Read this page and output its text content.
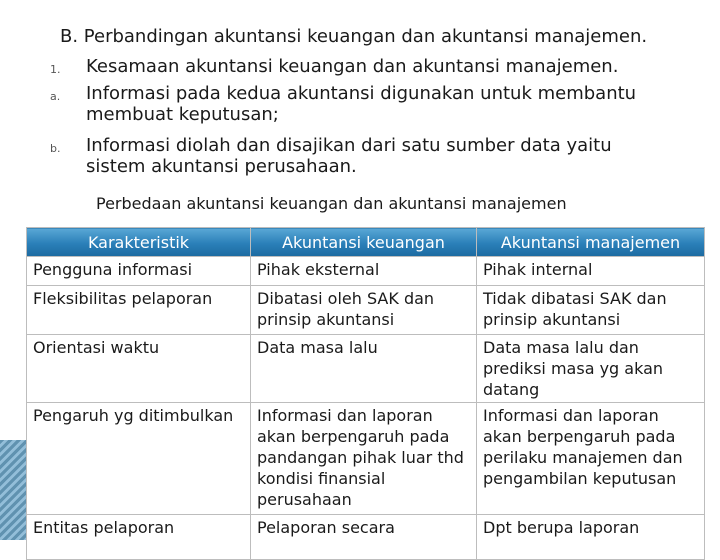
B. Perbandingan akuntansi keuangan dan akuntansi manajemen.
1. Kesamaan akuntansi keuangan dan akuntansi manajemen.
a. Informasi pada kedua akuntansi digunakan untuk membantu
membuat keputusan;
b. Informasi diolah dan disajikan dari satu sumber data yaitu
sistem akuntansi perusahaan.
Perbedaan akuntansi keuangan dan akuntansi manajemen
Karakteristik	Akuntansi keuangan	Akuntansi manajemen
Pengguna informasi	Pihak eksternal	Pihak internal
Fleksibilitas pelaporan	Dibatasi oleh SAK dan prinsip akuntansi	Tidak dibatasi SAK dan prinsip akuntansi
Orientasi waktu	Data masa lalu	Data masa lalu dan prediksi masa yg akan datang
Pengaruh yg ditimbulkan	Informasi dan laporan akan berpengaruh pada pandangan pihak luar thd kondisi finansial perusahaan	Informasi dan laporan akan berpengaruh pada perilaku manajemen dan pengambilan keputusan
Entitas pelaporan	Pelaporan secara	Dpt berupa laporan
